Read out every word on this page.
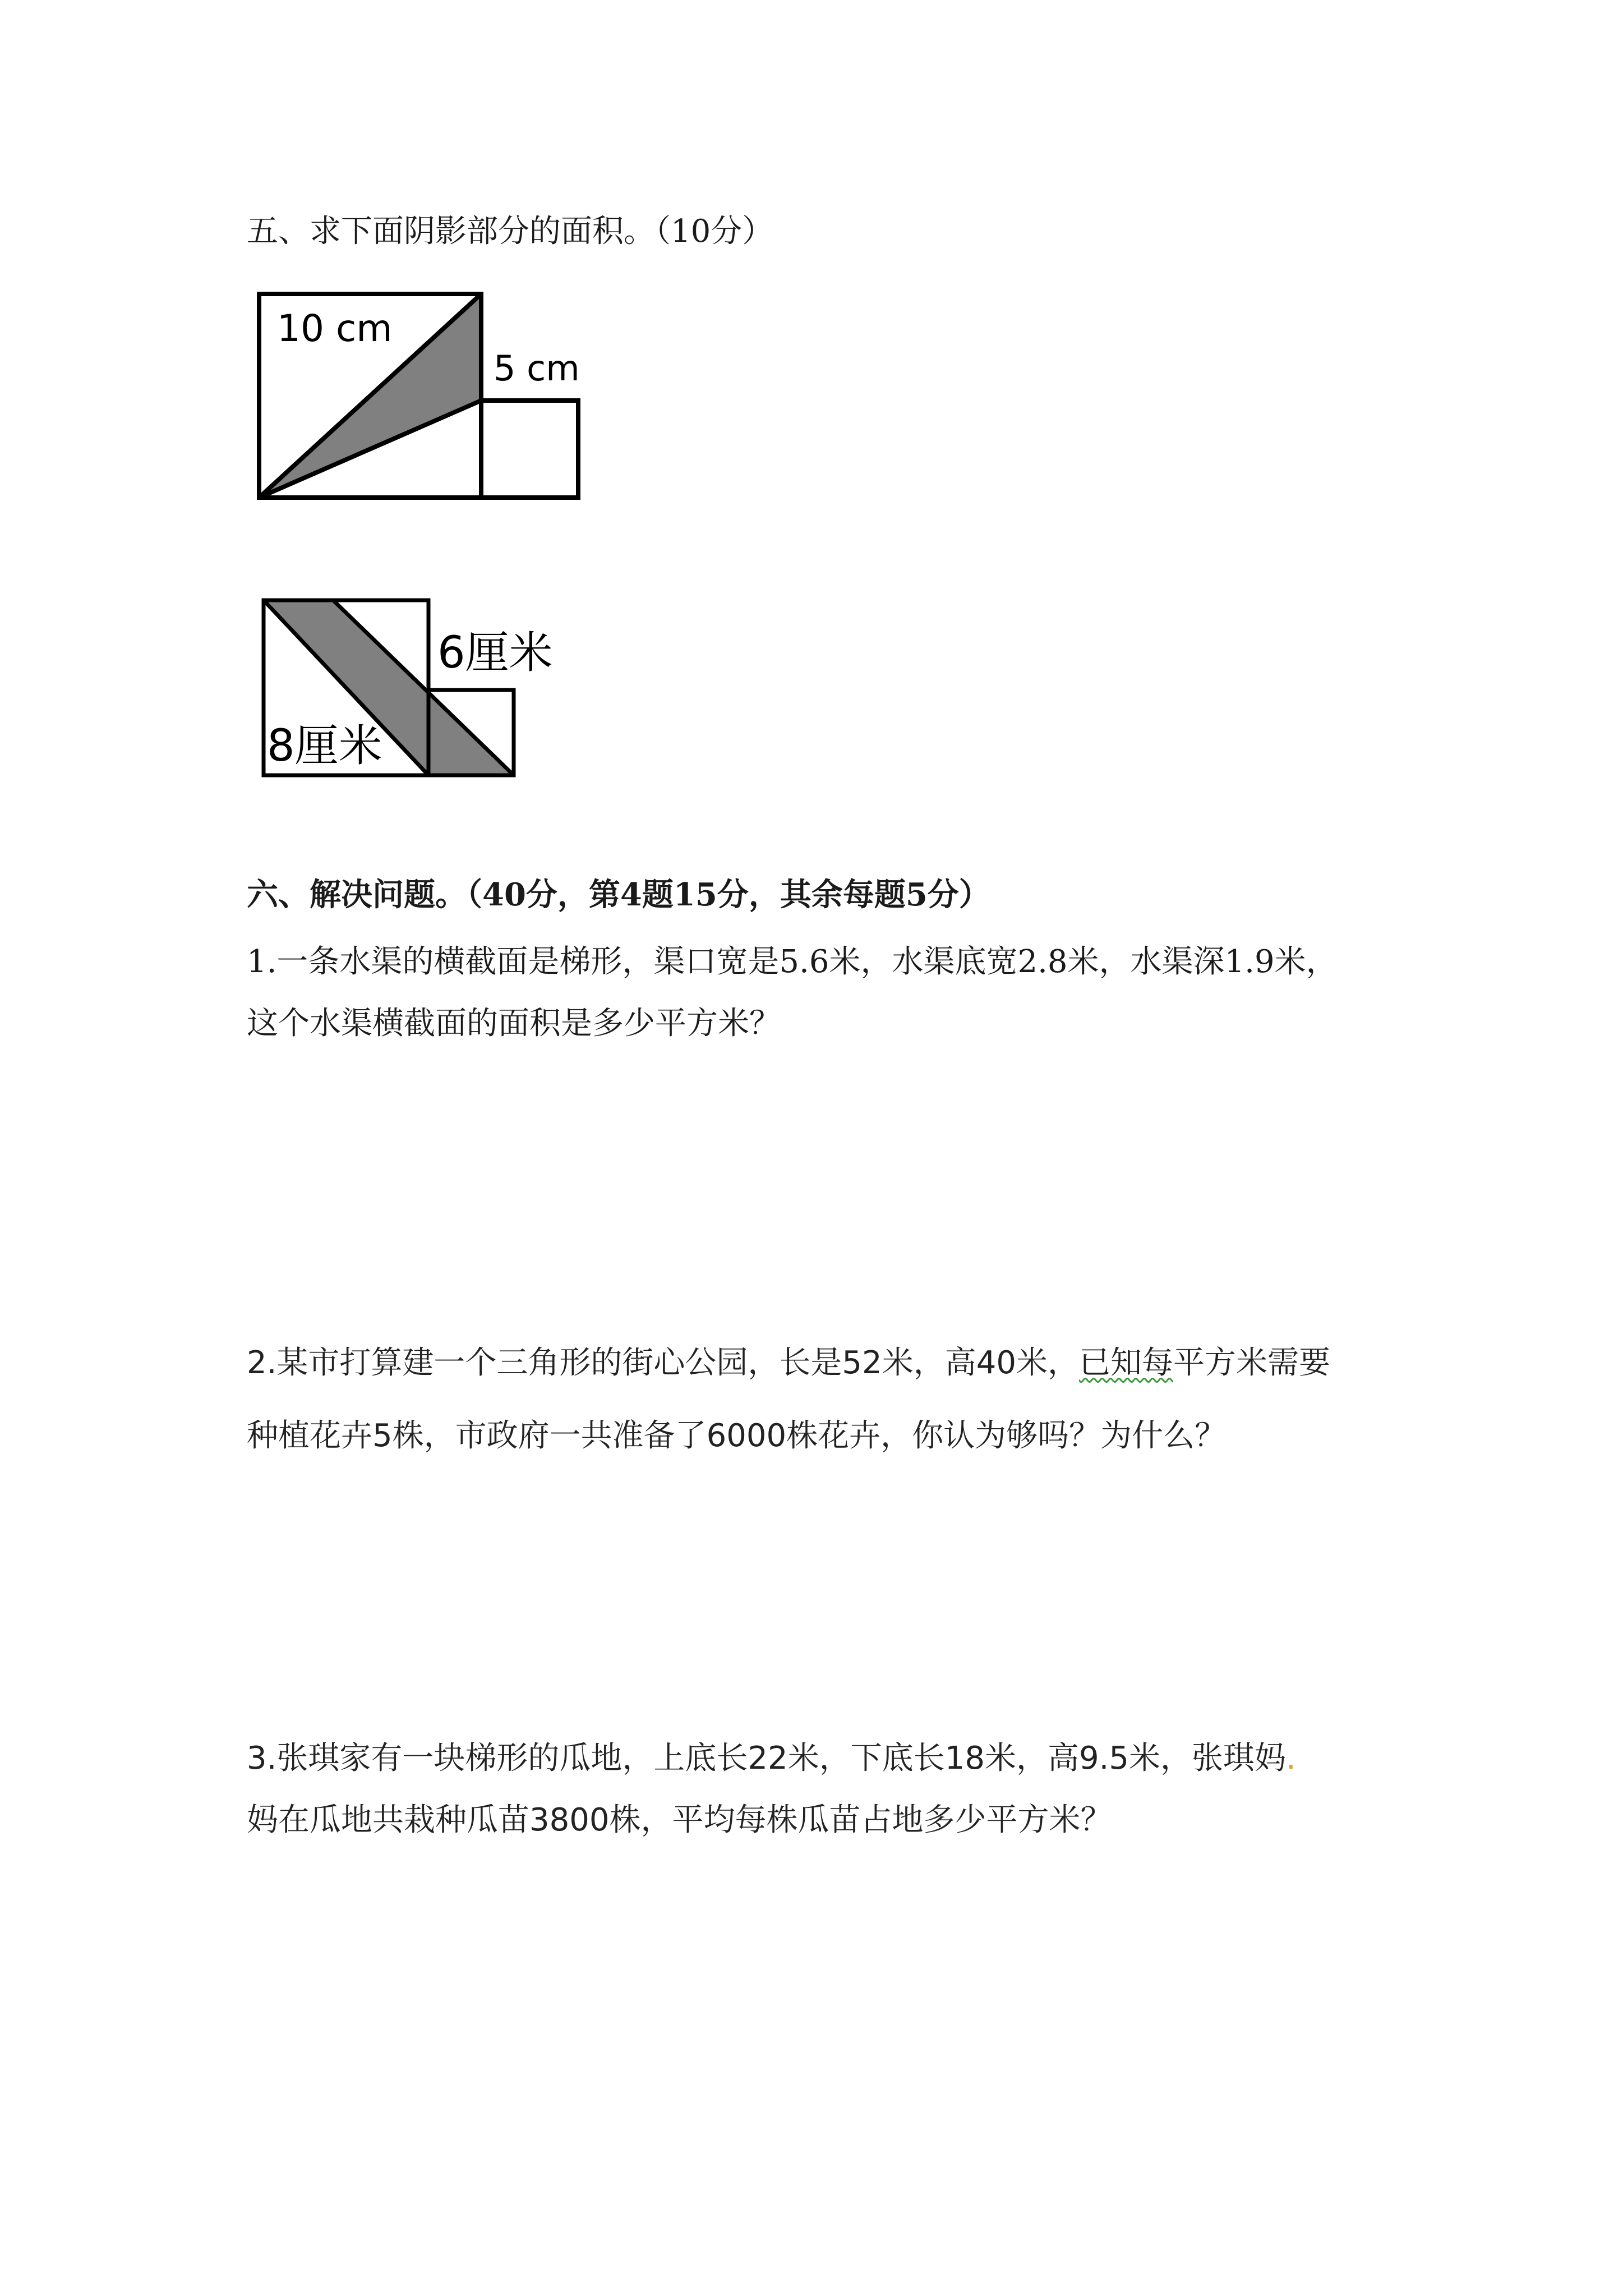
五、求下面阴影部分的面积。（10分）
10 cm
5 cm
6厘米
8厘米
六、解决问题。（40分，第4题15分，其余每题5分）
1.一条水渠的横截面是梯形，渠口宽是5.6米，水渠底宽2.8米，水渠深1.9米，
这个水渠横截面的面积是多少平方米？
2.某市打算建一个三角形的街心公园，长是52米，高40米，已知每平方米需要
种植花卉5株，市政府一共准备了6000株花卉，你认为够吗？为什么？
3.张琪家有一块梯形的瓜地，上底长22米，下底长18米，高9.5米，张琪妈.
妈在瓜地共栽种瓜苗3800株，平均每株瓜苗占地多少平方米？
